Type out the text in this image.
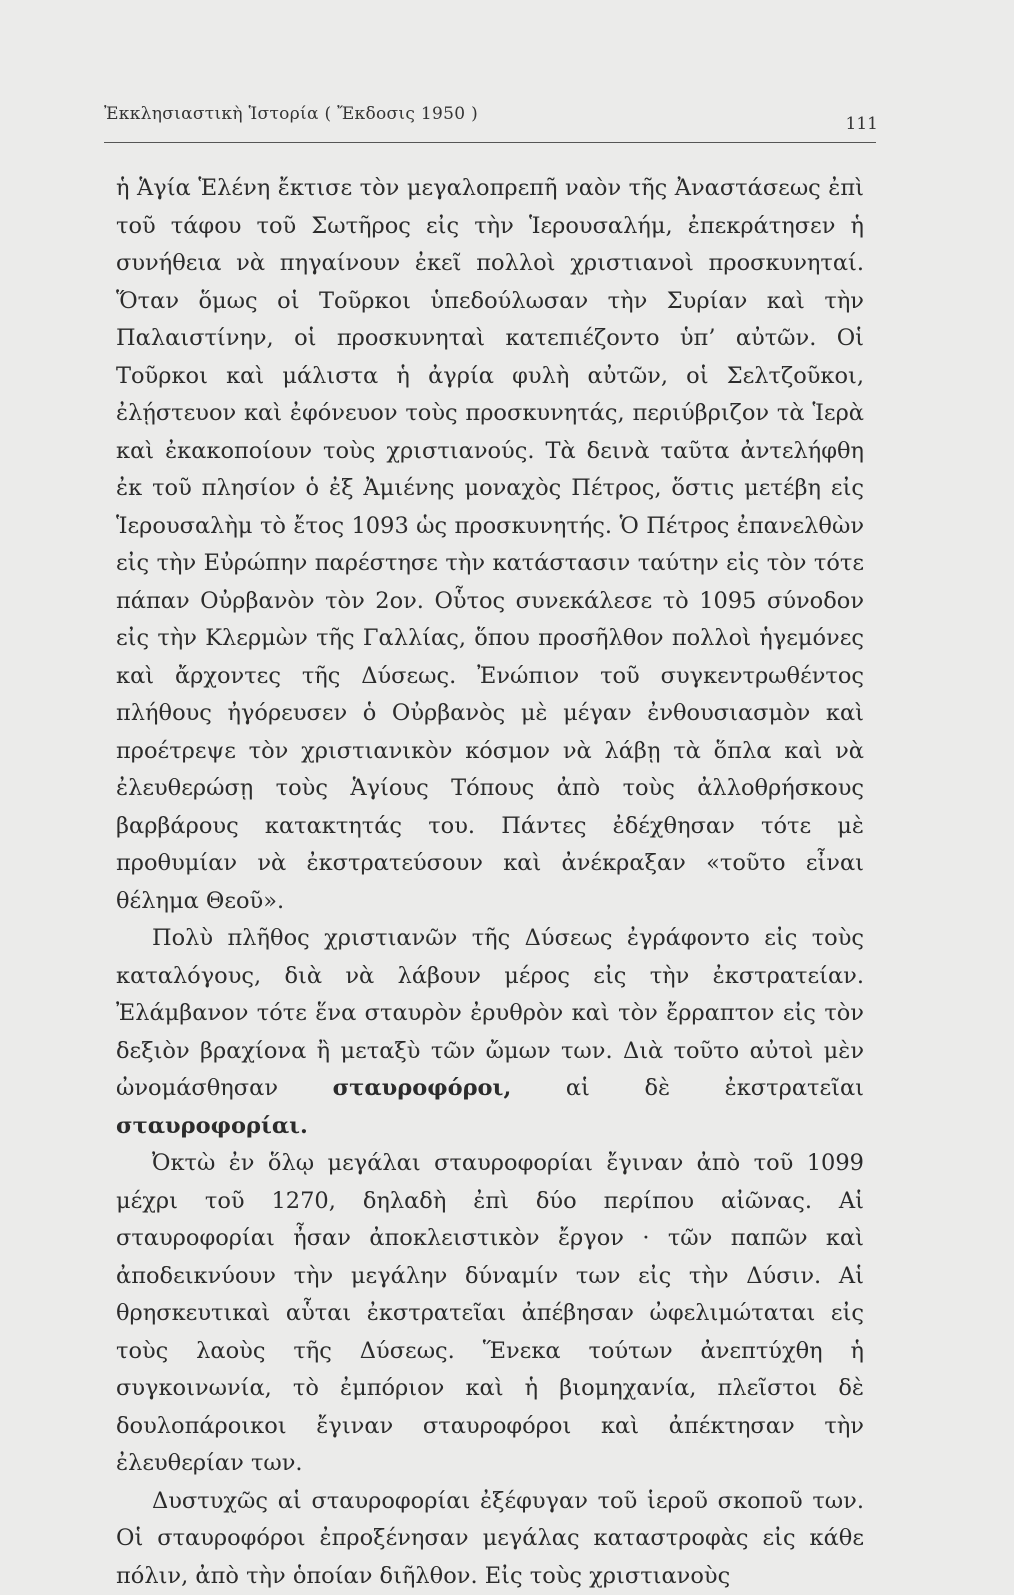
Ἐκκλησιαστικὴ Ἱστορία ( Ἔκδοσις 1950 )	111

ἡ Ἁγία Ἑλένη ἔκτισε τὸν μεγαλοπρεπῆ ναὸν τῆς Ἀναστάσεως ἐπὶ τοῦ τάφου τοῦ Σωτῆρος εἰς τὴν Ἱερουσαλήμ, ἐπεκράτησεν ἡ συνήθεια νὰ πηγαίνουν ἐκεῖ πολλοὶ χριστιανοὶ προσκυνηταί. Ὅταν ὅμως οἱ Τοῦρκοι ὑπεδούλωσαν τὴν Συρίαν καὶ τὴν Παλαιστίνην, οἱ προσκυνηταὶ κατεπιέζοντο ὑπ’ αὐτῶν. Οἱ Τοῦρκοι καὶ μάλιστα ἡ ἀγρία φυλὴ αὐτῶν, οἱ Σελτζοῦκοι, ἐλῄστευον καὶ ἐφόνευον τοὺς προσκυνητάς, περιύβριζον τὰ Ἱερὰ καὶ ἐκακοποίουν τοὺς χριστιανούς. Τὰ δεινὰ ταῦτα ἀντελήφθη ἐκ τοῦ πλησίον ὁ ἐξ Ἀμιένης μοναχὸς Πέτρος, ὅστις μετέβη εἰς Ἱερουσαλὴμ τὸ ἔτος 1093 ὡς προσκυνητής. Ὁ Πέτρος ἐπανελθὼν εἰς τὴν Εὐρώπην παρέστησε τὴν κατάστασιν ταύτην εἰς τὸν τότε πάπαν Οὐρβανὸν τὸν 2ον. Οὗτος συνεκάλεσε τὸ 1095 σύνοδον εἰς τὴν Κλερμὼν τῆς Γαλλίας, ὅπου προσῆλθον πολλοὶ ἡγεμόνες καὶ ἄρχοντες τῆς Δύσεως. Ἐνώπιον τοῦ συγκεντρωθέντος πλήθους ἠγόρευσεν ὁ Οὐρβανὸς μὲ μέγαν ἐνθουσιασμὸν καὶ προέτρεψε τὸν χριστιανικὸν κόσμον νὰ λάβῃ τὰ ὅπλα καὶ νὰ ἐλευθερώσῃ τοὺς Ἁγίους Τόπους ἀπὸ τοὺς ἀλλοθρήσκους βαρβάρους κατακτητάς του. Πάντες ἐδέχθησαν τότε μὲ προθυμίαν νὰ ἐκστρατεύσουν καὶ ἀνέκραξαν «τοῦτο εἶναι θέλημα Θεοῦ».

Πολὺ πλῆθος χριστιανῶν τῆς Δύσεως ἐγράφοντο εἰς τοὺς καταλόγους, διὰ νὰ λάβουν μέρος εἰς τὴν ἐκστρατείαν. Ἐλάμβανον τότε ἕνα σταυρὸν ἐρυθρὸν καὶ τὸν ἔρραπτον εἰς τὸν δεξιὸν βραχίονα ἢ μεταξὺ τῶν ὤμων των. Διὰ τοῦτο αὐτοὶ μὲν ὠνομάσθησαν σταυροφόροι, αἱ δὲ ἐκστρατεῖαι σταυροφορίαι.

Ὀκτὼ ἐν ὅλῳ μεγάλαι σταυροφορίαι ἔγιναν ἀπὸ τοῦ 1099 μέχρι τοῦ 1270, δηλαδὴ ἐπὶ δύο περίπου αἰῶνας. Αἱ σταυροφορίαι ἦσαν ἀποκλειστικὸν ἔργον · τῶν παπῶν καὶ ἀποδεικνύουν τὴν μεγάλην δύναμίν των εἰς τὴν Δύσιν. Αἱ θρησκευτικαὶ αὗται ἐκστρατεῖαι ἀπέβησαν ὠφελιμώταται εἰς τοὺς λαοὺς τῆς Δύσεως. Ἕνεκα τούτων ἀνεπτύχθη ἡ συγκοινωνία, τὸ ἐμπόριον καὶ ἡ βιομηχανία, πλεῖστοι δὲ δουλοπάροικοι ἔγιναν σταυροφόροι καὶ ἀπέκτησαν τὴν ἐλευθερίαν των.

Δυστυχῶς αἱ σταυροφορίαι ἐξέφυγαν τοῦ ἱεροῦ σκοποῦ των. Οἱ σταυροφόροι ἐπροξένησαν μεγάλας καταστροφὰς εἰς κάθε πόλιν, ἀπὸ τὴν ὁποίαν διῆλθον. Εἰς τοὺς χριστιανοὺς
